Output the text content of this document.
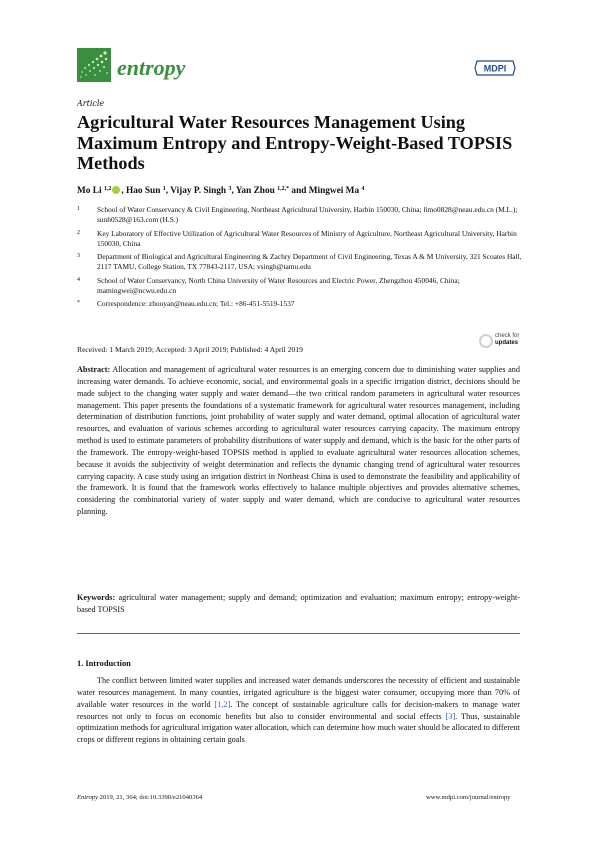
entropy	MDPI
Article
Agricultural Water Resources Management Using Maximum Entropy and Entropy-Weight-Based TOPSIS Methods
Mo Li $^{1,2}$ , Hao Sun $^1$, Vijay P. Singh $^3$, Yan Zhou $^{1,2,*}$ and Mingwei Ma $^4$
1 School of Water Conservancy & Civil Engineering, Northeast Agricultural University, Harbin 150030, China; limo0828@neau.edu.cn (M.L.); sunh0528@163.com (H.S.)
2 Key Laboratory of Effective Utilization of Agricultural Water Resources of Ministry of Agriculture, Northeast Agricultural University, Harbin 150030, China
3 Department of Biological and Agricultural Engineering & Zachry Department of Civil Engineering, Texas A & M University, 321 Scoates Hall, 2117 TAMU, College Station, TX 77843-2117, USA; vsingh@tamu.edu
4 School of Water Conservancy, North China University of Water Resources and Electric Power, Zhengzhou 450046, China; mamingwei@ncwu.edu.cn
* Correspondence: zhouyan@neau.edu.cn; Tel.: +86-451-5519-1537
check for
updates
Received: 1 March 2019; Accepted: 3 April 2019; Published: 4 April 2019

Abstract: Allocation and management of agricultural water resources is an emerging concern due to diminishing water supplies and increasing water demands. To achieve economic, social, and environmental goals in a specific irrigation district, decisions should be made subject to the changing water supply and water demand—the two critical random parameters in agricultural water resources management. This paper presents the foundations of a systematic framework for agricultural water resources management, including determination of distribution functions, joint probability of water supply and water demand, optimal allocation of agricultural water resources, and evaluation of various schemes according to agricultural water resources carrying capacity. The maximum entropy method is used to estimate parameters of probability distributions of water supply and demand, which is the basic for the other parts of the framework. The entropy-weight-based TOPSIS method is applied to evaluate agricultural water resources allocation schemes, because it avoids the subjectivity of weight determination and reflects the dynamic changing trend of agricultural water resources carrying capacity. A case study using an irrigation district in Northeast China is used to demonstrate the feasibility and applicability of the framework. It is found that the framework works effectively to balance multiple objectives and provides alternative schemes, considering the combinatorial variety of water supply and water demand, which are conducive to agricultural water resources planning.

Keywords: agricultural water management; supply and demand; optimization and evaluation; maximum entropy; entropy-weight-based TOPSIS

1. Introduction

The conflict between limited water supplies and increased water demands underscores the necessity of efficient and sustainable water resources management. In many counties, irrigated agriculture is the biggest water consumer, occupying more than 70% of available water resources in the world [1,2]. The concept of sustainable agriculture calls for decision-makers to manage water resources not only to focus on economic benefits but also to consider environmental and social effects [3]. Thus, sustainable optimization methods for agricultural irrigation water allocation, which can determine how much water should be allocated to different crops or different regions in obtaining certain goals

Entropy 2019, 21, 364; doi:10.3390/e21040364	www.mdpi.com/journal/entropy
